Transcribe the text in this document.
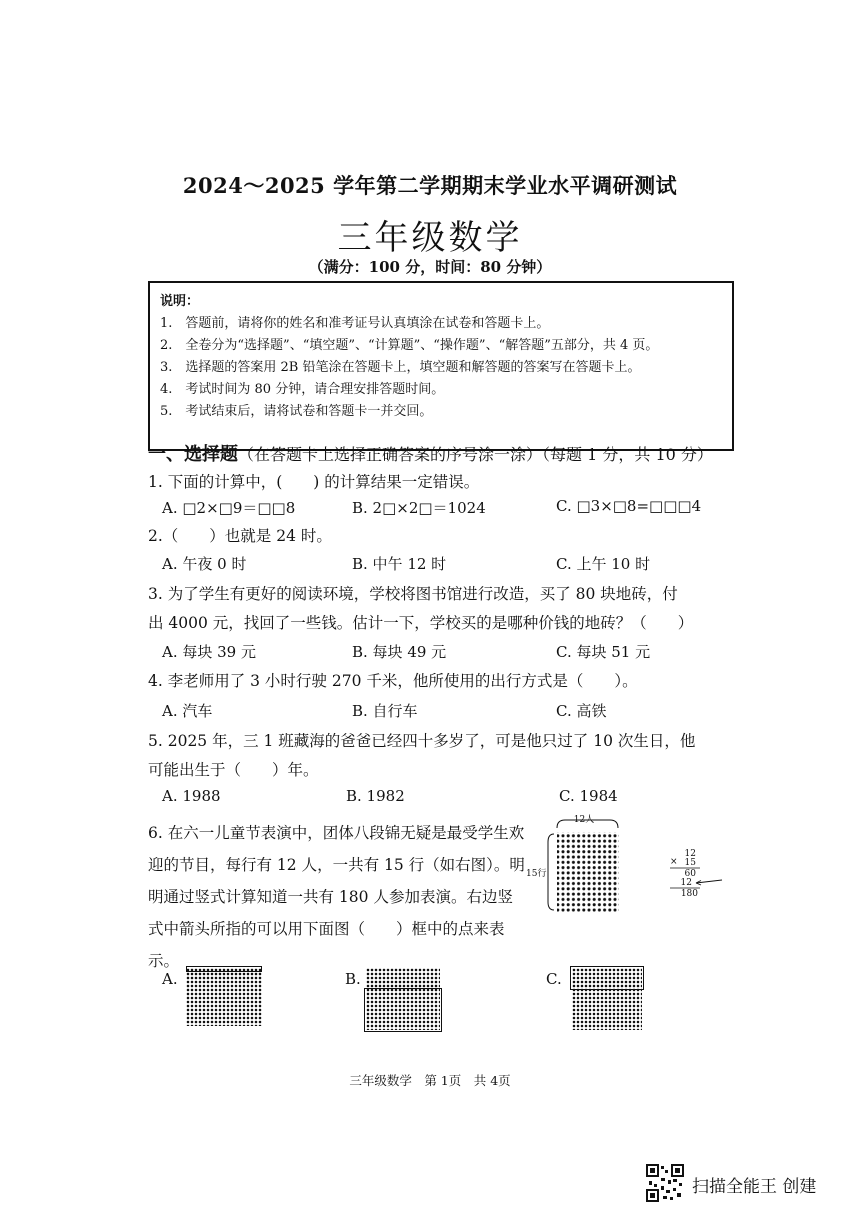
2024～2025 学年第二学期期末学业水平调研测试
三年级数学
（满分：100 分，时间：80 分钟）
说明：
1.　答题前，请将你的姓名和准考证号认真填涂在试卷和答题卡上。
2.　全卷分为“选择题”、“填空题”、“计算题”、“操作题”、“解答题”五部分，共 4 页。
3.　选择题的答案用 2B 铅笔涂在答题卡上，填空题和解答题的答案写在答题卡上。
4.　考试时间为 80 分钟，请合理安排答题时间。
5.　考试结束后，请将试卷和答题卡一并交回。
一、选择题（在答题卡上选择正确答案的序号涂一涂）（每题 1 分，共 10 分）
1. 下面的计算中，(　　) 的计算结果一定错误。
A. □2×□9＝□□8	B. 2□×2□＝1024	C. □3×□8=□□□4
2.（　　）也就是 24 时。
A. 午夜 0 时	B. 中午 12 时	C. 上午 10 时
3. 为了学生有更好的阅读环境，学校将图书馆进行改造，买了 80 块地砖，付
出 4000 元，找回了一些钱。估计一下，学校买的是哪种价钱的地砖？（　　）
A. 每块 39 元	B. 每块 49 元	C. 每块 51 元
4. 李老师用了 3 小时行驶 270 千米，他所使用的出行方式是（　　）。
A. 汽车	B. 自行车	C. 高铁
5. 2025 年，三 1 班藏海的爸爸已经四十多岁了，可是他只过了 10 次生日，他
可能出生于（　　）年。
A. 1988	B. 1982	C. 1984
6. 在六一儿童节表演中，团体八段锦无疑是最受学生欢迎的节目，每行有 12 人，一共有 15 行（如右图）。明明通过竖式计算知道一共有 180 人参加表演。右边竖式中箭头所指的可以用下面图（　　）框中的点来表示。
12人
15行
12
× 15
60
12
180
A.	B.	C.
三年级数学　第 1页　共 4页
扫描全能王 创建
